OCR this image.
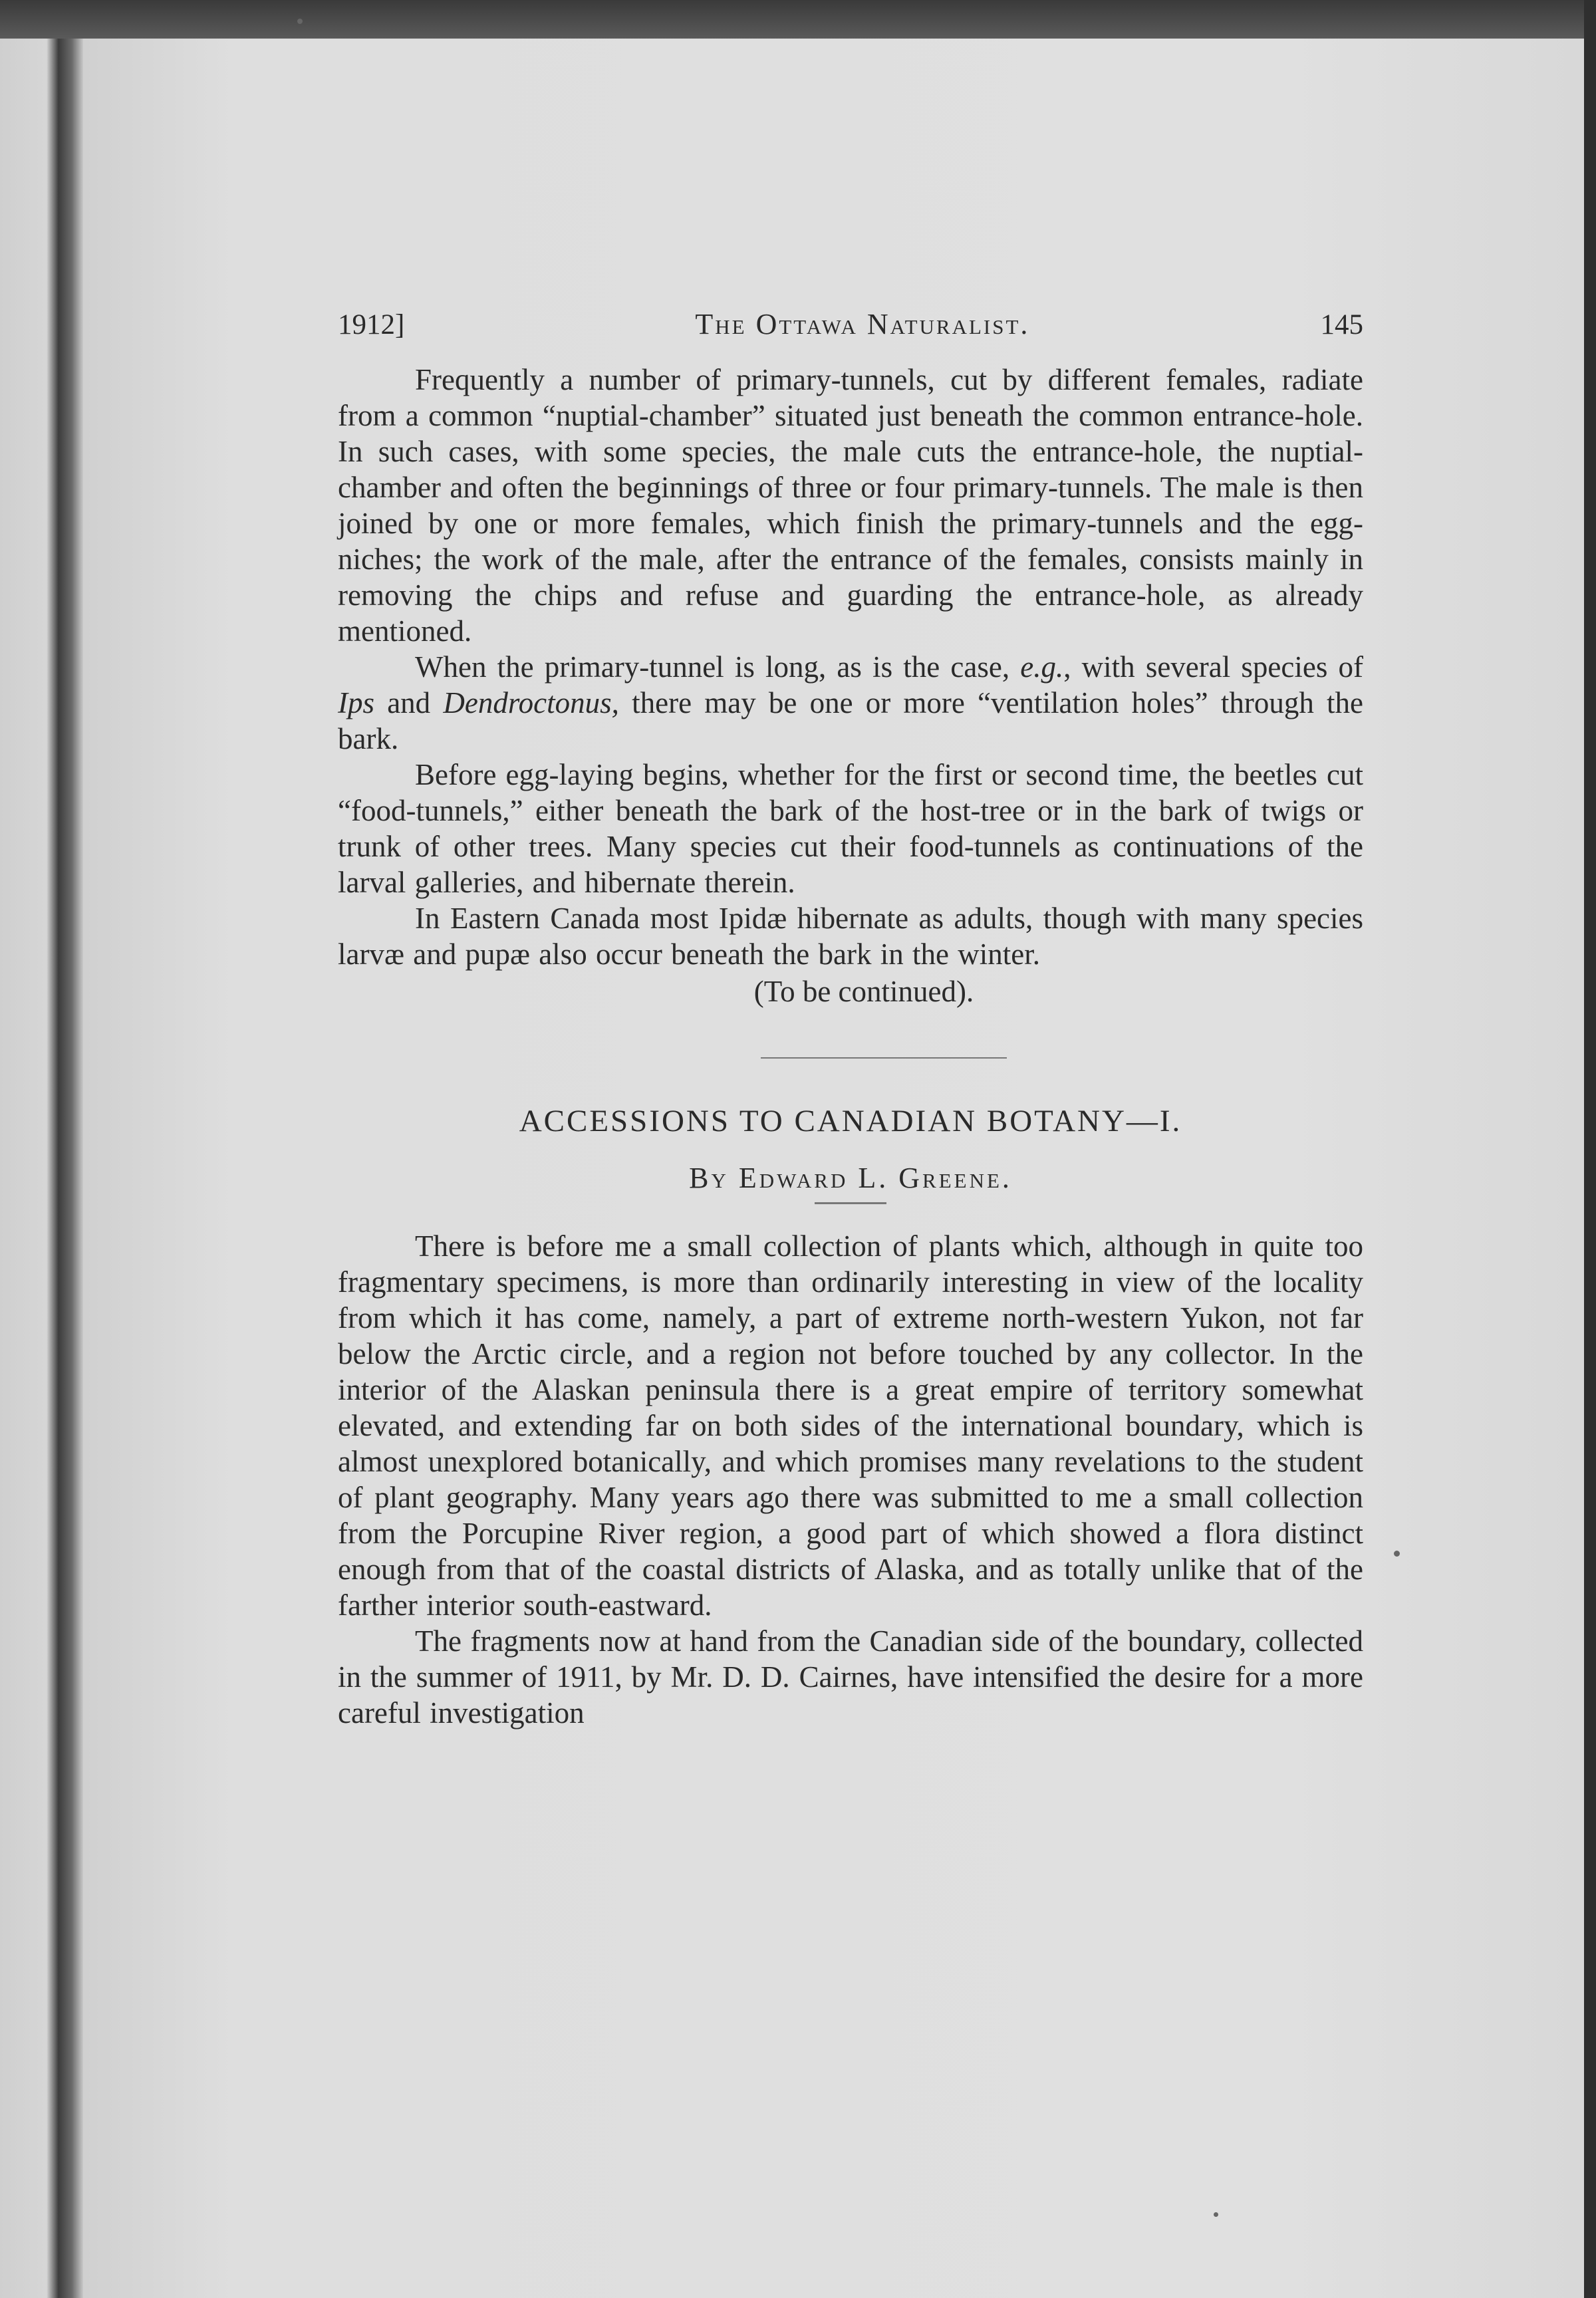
1912]	The Ottawa Naturalist.	145

Frequently a number of primary-tunnels, cut by different females, radiate from a common “nuptial-chamber” situated just beneath the common entrance-hole. In such cases, with some species, the male cuts the entrance-hole, the nuptial-chamber and often the beginnings of three or four primary-tunnels. The male is then joined by one or more females, which finish the primary-tunnels and the egg-niches; the work of the male, after the entrance of the females, consists mainly in removing the chips and refuse and guarding the entrance-hole, as already mentioned.

When the primary-tunnel is long, as is the case, e.g., with several species of Ips and Dendroctonus, there may be one or more “ventilation holes” through the bark.

Before egg-laying begins, whether for the first or second time, the beetles cut “food-tunnels,” either beneath the bark of the host-tree or in the bark of twigs or trunk of other trees. Many species cut their food-tunnels as continuations of the larval galleries, and hibernate therein.

In Eastern Canada most Ipidæ hibernate as adults, though with many species larvæ and pupæ also occur beneath the bark in the winter.

(To be continued).
ACCESSIONS TO CANADIAN BOTANY—I.
By Edward L. Greene.

There is before me a small collection of plants which, although in quite too fragmentary specimens, is more than ordinarily interesting in view of the locality from which it has come, namely, a part of extreme north-western Yukon, not far below the Arctic circle, and a region not before touched by any collector. In the interior of the Alaskan peninsula there is a great empire of territory somewhat elevated, and extending far on both sides of the international boundary, which is almost unexplored botanically, and which promises many revelations to the student of plant geography. Many years ago there was submitted to me a small collection from the Porcupine River region, a good part of which showed a flora distinct enough from that of the coastal districts of Alaska, and as totally unlike that of the farther interior south-eastward.

The fragments now at hand from the Canadian side of the boundary, collected in the summer of 1911, by Mr. D. D. Cairnes, have intensified the desire for a more careful investigation
